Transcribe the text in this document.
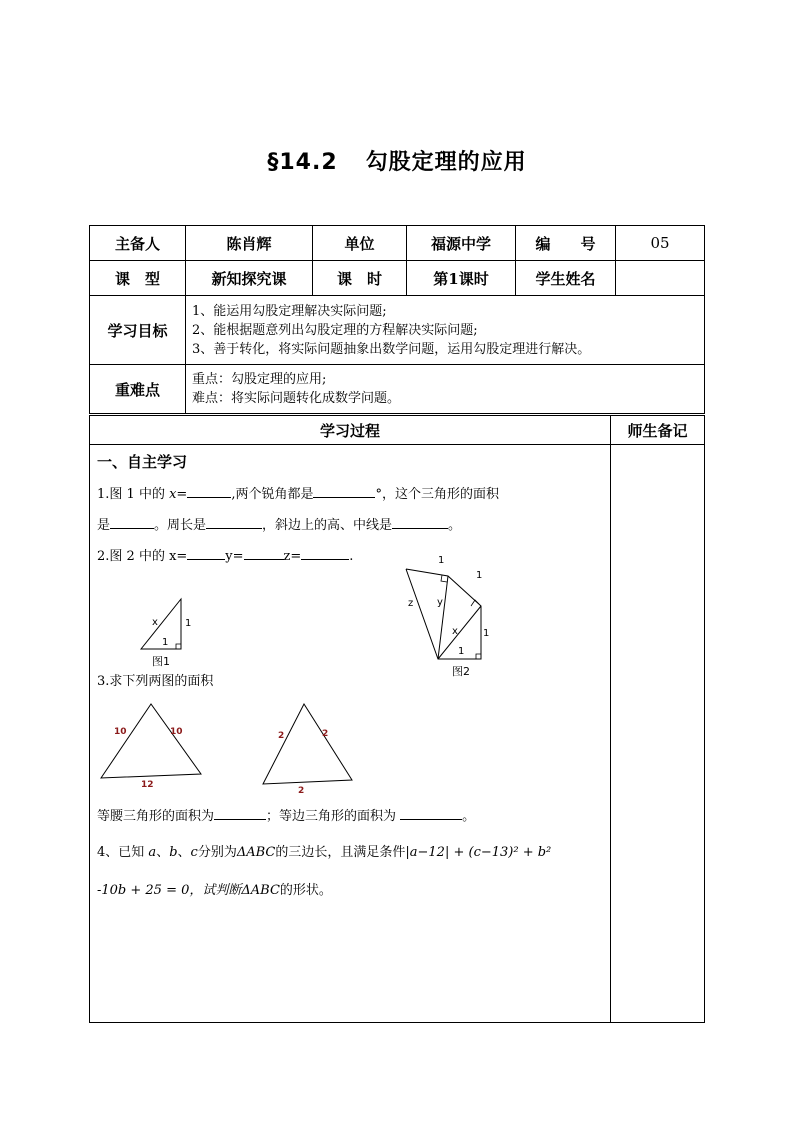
§14.2 勾股定理的应用
主备人	陈肖辉	单位	福源中学	编　　号	05
课　型	新知探究课	课　时	第1课时	学生姓名	
学习目标	1、能运用勾股定理解决实际问题;
2、能根据题意列出勾股定理的方程解决实际问题;
3、善于转化，将实际问题抽象出数学问题，运用勾股定理进行解决。				

重难点	重点：勾股定理的应用;
难点：将实际问题转化成数学问题。				
学习过程	师生备记
一、自主学习
1.图 1 中的 x=	,两个锐角都是	°，这个三角形的面积
是	。周长是	，斜边上的高、中线是	。
2.图 2 中的 x=	y=	z=	.
3.求下列两图的面积
等腰三角形的面积为	；等边三角形的面积为	。
4、已知 a、b、c分别为ΔABC的三边长，且满足条件|a−12| + (c−13)² + b²
-10b + 25 = 0，试判断ΔABC的形状。
x	1
1
图1
1
1
z y
x	1
1
图2
10	10
12
2	2
2
